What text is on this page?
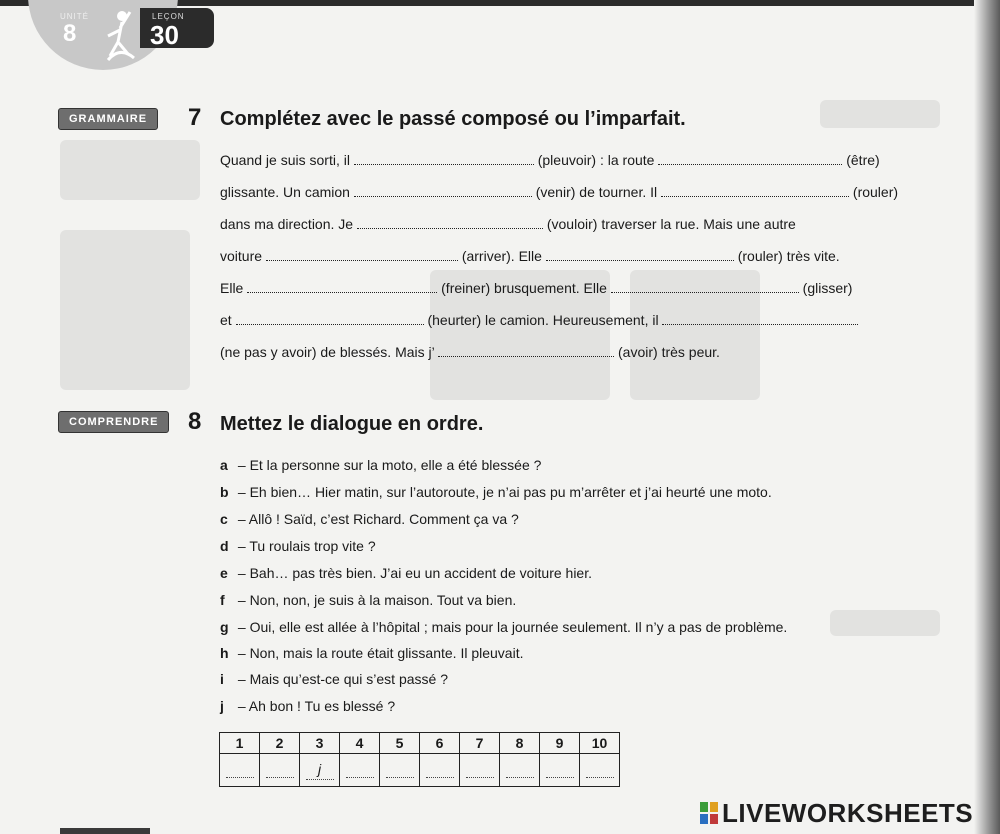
UNITÉ
8
LEÇON
30
GRAMMAIRE	7 Complétez avec le passé composé ou l’imparfait.
Quand je suis sorti, il	(pleuvoir) : la route	(être)
glissante. Un camion	(venir) de tourner. Il	(rouler)
dans ma direction. Je	(vouloir) traverser la rue. Mais une autre
voiture	(arriver). Elle	(rouler) très vite.
Elle	(freiner) brusquement. Elle	(glisser)
et	(heurter) le camion. Heureusement, il
(ne pas y avoir) de blessés. Mais j’	(avoir) très peur.
COMPRENDRE	8 Mettez le dialogue en ordre.
a – Et la personne sur la moto, elle a été blessée ?
b – Eh bien… Hier matin, sur l’autoroute, je n’ai pas pu m’arrêter et j’ai heurté une moto.
c – Allô ! Saïd, c’est Richard. Comment ça va ?
d – Tu roulais trop vite ?
e – Bah… pas très bien. J’ai eu un accident de voiture hier.
f – Non, non, je suis à la maison. Tout va bien.
g – Oui, elle est allée à l’hôpital ; mais pour la journée seulement. Il n’y a pas de problème.
h – Non, mais la route était glissante. Il pleuvait.
i – Mais qu’est-ce qui s’est passé ?
j – Ah bon ! Tu es blessé ?
1	2	3	4	5	6	7	8	9	10
		j							
LIVEWORKSHEETS
